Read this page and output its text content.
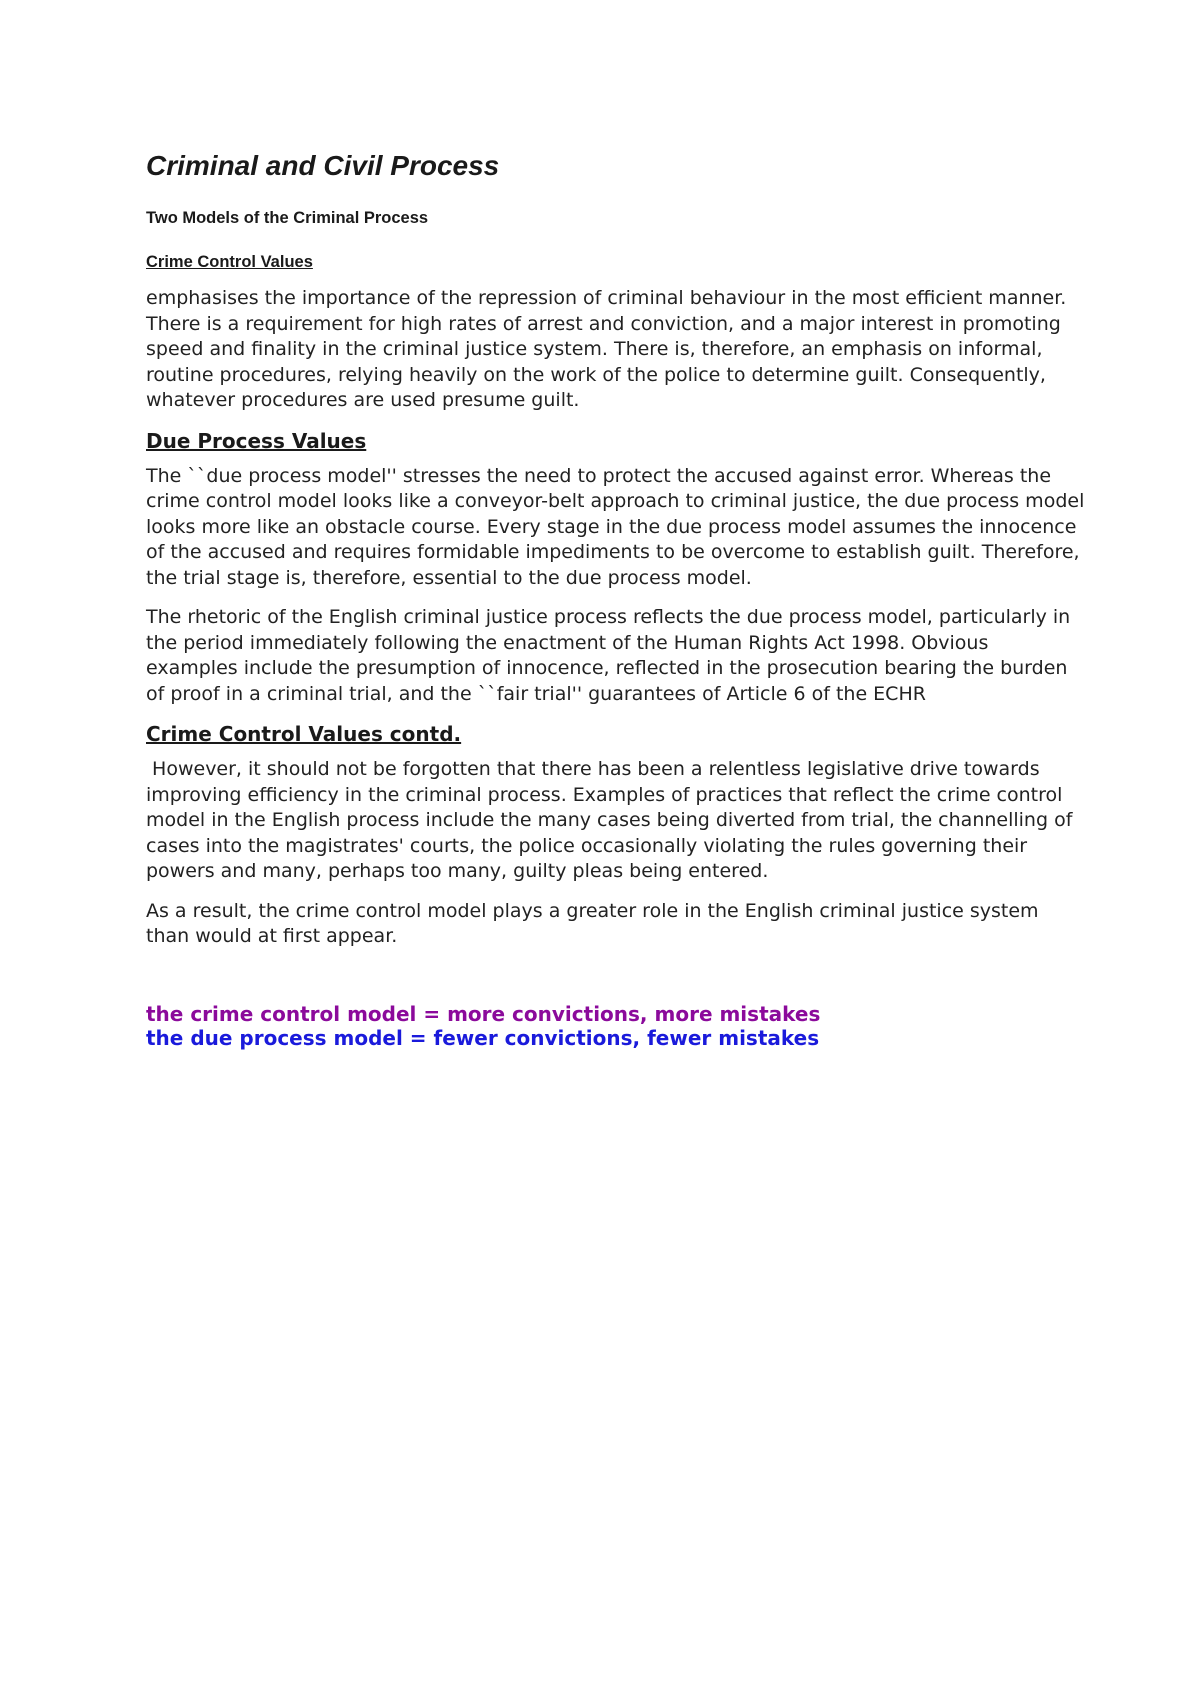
Criminal and Civil Process
Two Models of the Criminal Process
Crime Control Values

emphasises the importance of the repression of criminal behaviour in the most efficient manner. There is a requirement for high rates of arrest and conviction, and a major interest in promoting speed and finality in the criminal justice system. There is, therefore, an emphasis on informal, routine procedures, relying heavily on the work of the police to determine guilt. Consequently, whatever procedures are used presume guilt.

Due Process Values

The ``due process model'' stresses the need to protect the accused against error. Whereas the crime control model looks like a conveyor-belt approach to criminal justice, the due process model looks more like an obstacle course. Every stage in the due process model assumes the innocence of the accused and requires formidable impediments to be overcome to establish guilt. Therefore, the trial stage is, therefore, essential to the due process model.

The rhetoric of the English criminal justice process reflects the due process model, particularly in the period immediately following the enactment of the Human Rights Act 1998. Obvious examples include the presumption of innocence, reflected in the prosecution bearing the burden of proof in a criminal trial, and the ``fair trial'' guarantees of Article 6 of the ECHR

Crime Control Values contd.

However, it should not be forgotten that there has been a relentless legislative drive towards improving efficiency in the criminal process. Examples of practices that reflect the crime control model in the English process include the many cases being diverted from trial, the channelling of cases into the magistrates' courts, the police occasionally violating the rules governing their powers and many, perhaps too many, guilty pleas being entered.

As a result, the crime control model plays a greater role in the English criminal justice system than would at first appear.

the crime control model = more convictions, more mistakes

the due process model = fewer convictions, fewer mistakes
